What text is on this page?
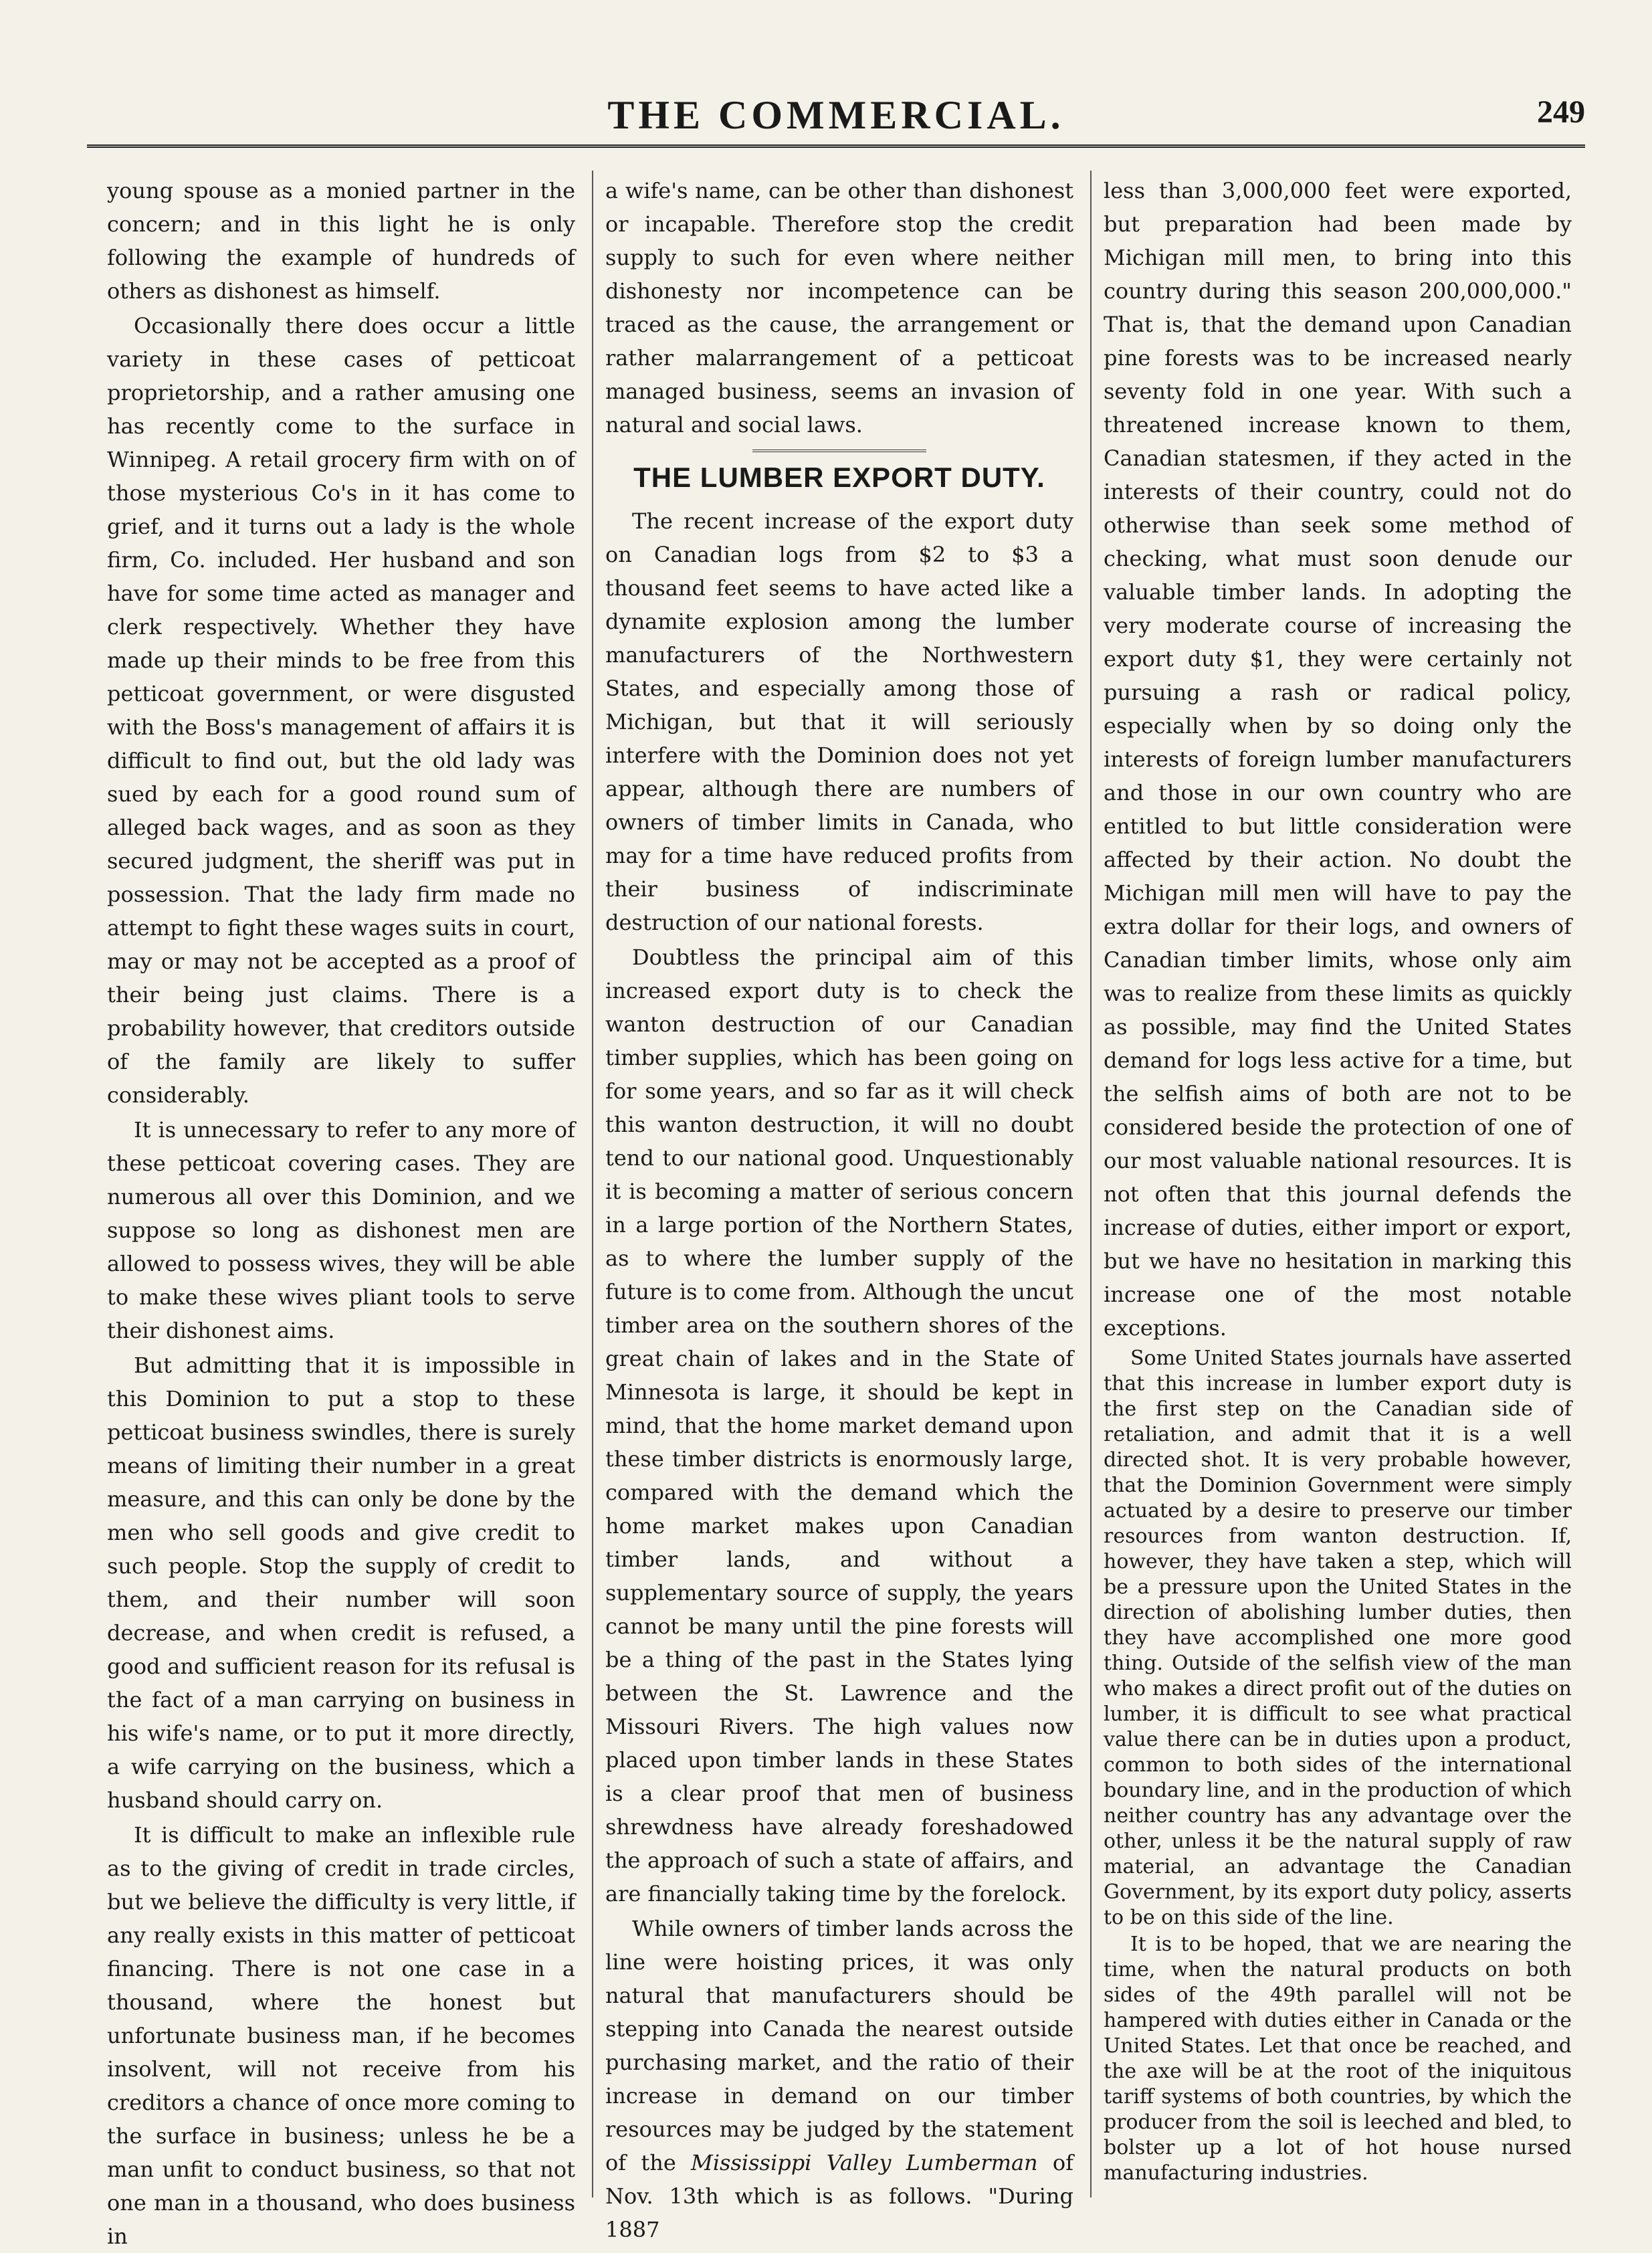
THE COMMERCIAL.	249

young spouse as a monied partner in the concern; and in this light he is only following the example of hundreds of others as dishonest as himself.

Occasionally there does occur a little variety in these cases of petticoat proprietorship, and a rather amusing one has recently come to the surface in Winnipeg. A retail grocery firm with on of those mysterious Co's in it has come to grief, and it turns out a lady is the whole firm, Co. included. Her husband and son have for some time acted as manager and clerk respectively. Whether they have made up their minds to be free from this petticoat government, or were disgusted with the Boss's management of affairs it is difficult to find out, but the old lady was sued by each for a good round sum of alleged back wages, and as soon as they secured judgment, the sheriff was put in possession. That the lady firm made no attempt to fight these wages suits in court, may or may not be accepted as a proof of their being just claims. There is a probability however, that creditors outside of the family are likely to suffer considerably.

It is unnecessary to refer to any more of these petticoat covering cases. They are numerous all over this Dominion, and we suppose so long as dishonest men are allowed to possess wives, they will be able to make these wives pliant tools to serve their dishonest aims.

But admitting that it is impossible in this Dominion to put a stop to these petticoat business swindles, there is surely means of limiting their number in a great measure, and this can only be done by the men who sell goods and give credit to such people. Stop the supply of credit to them, and their number will soon decrease, and when credit is refused, a good and sufficient reason for its refusal is the fact of a man carrying on business in his wife's name, or to put it more directly, a wife carrying on the business, which a husband should carry on.

It is difficult to make an inflexible rule as to the giving of credit in trade circles, but we believe the difficulty is very little, if any really exists in this matter of petticoat financing. There is not one case in a thousand, where the honest but unfortunate business man, if he becomes insolvent, will not receive from his creditors a chance of once more coming to the surface in business; unless he be a man unfit to conduct business, so that not one man in a thousand, who does business in

a wife's name, can be other than dishonest or incapable. Therefore stop the credit supply to such for even where neither dishonesty nor incompetence can be traced as the cause, the arrangement or rather malarrangement of a petticoat managed business, seems an invasion of natural and social laws.

THE LUMBER EXPORT DUTY.

The recent increase of the export duty on Canadian logs from $2 to $3 a thousand feet seems to have acted like a dynamite explosion among the lumber manufacturers of the Northwestern States, and especially among those of Michigan, but that it will seriously interfere with the Dominion does not yet appear, although there are numbers of owners of timber limits in Canada, who may for a time have reduced profits from their business of indiscriminate destruction of our national forests.

Doubtless the principal aim of this increased export duty is to check the wanton destruction of our Canadian timber supplies, which has been going on for some years, and so far as it will check this wanton destruction, it will no doubt tend to our national good. Unquestionably it is becoming a matter of serious concern in a large portion of the Northern States, as to where the lumber supply of the future is to come from. Although the uncut timber area on the southern shores of the great chain of lakes and in the State of Minnesota is large, it should be kept in mind, that the home market demand upon these timber districts is enormously large, compared with the demand which the home market makes upon Canadian timber lands, and without a supplementary source of supply, the years cannot be many until the pine forests will be a thing of the past in the States lying between the St. Lawrence and the Missouri Rivers. The high values now placed upon timber lands in these States is a clear proof that men of business shrewdness have already foreshadowed the approach of such a state of affairs, and are financially taking time by the forelock.

While owners of timber lands across the line were hoisting prices, it was only natural that manufacturers should be stepping into Canada the nearest outside purchasing market, and the ratio of their increase in demand on our timber resources may be judged by the statement of the Mississippi Valley Lumberman of Nov. 13th which is as follows. "During 1887

less than 3,000,000 feet were exported, but preparation had been made by Michigan mill men, to bring into this country during this season 200,000,000." That is, that the demand upon Canadian pine forests was to be increased nearly seventy fold in one year. With such a threatened increase known to them, Canadian statesmen, if they acted in the interests of their country, could not do otherwise than seek some method of checking, what must soon denude our valuable timber lands. In adopting the very moderate course of increasing the export duty $1, they were certainly not pursuing a rash or radical policy, especially when by so doing only the interests of foreign lumber manufacturers and those in our own country who are entitled to but little consideration were affected by their action. No doubt the Michigan mill men will have to pay the extra dollar for their logs, and owners of Canadian timber limits, whose only aim was to realize from these limits as quickly as possible, may find the United States demand for logs less active for a time, but the selfish aims of both are not to be considered beside the protection of one of our most valuable national resources. It is not often that this journal defends the increase of duties, either import or export, but we have no hesitation in marking this increase one of the most notable exceptions.

Some United States journals have asserted that this increase in lumber export duty is the first step on the Canadian side of retaliation, and admit that it is a well directed shot. It is very probable however, that the Dominion Government were simply actuated by a desire to preserve our timber resources from wanton destruction. If, however, they have taken a step, which will be a pressure upon the United States in the direction of abolishing lumber duties, then they have accomplished one more good thing. Outside of the selfish view of the man who makes a direct profit out of the duties on lumber, it is difficult to see what practical value there can be in duties upon a product, common to both sides of the international boundary line, and in the production of which neither country has any advantage over the other, unless it be the natural supply of raw material, an advantage the Canadian Government, by its export duty policy, asserts to be on this side of the line.

It is to be hoped, that we are nearing the time, when the natural products on both sides of the 49th parallel will not be hampered with duties either in Canada or the United States. Let that once be reached, and the axe will be at the root of the iniquitous tariff systems of both countries, by which the producer from the soil is leeched and bled, to bolster up a lot of hot house nursed manufacturing industries.
